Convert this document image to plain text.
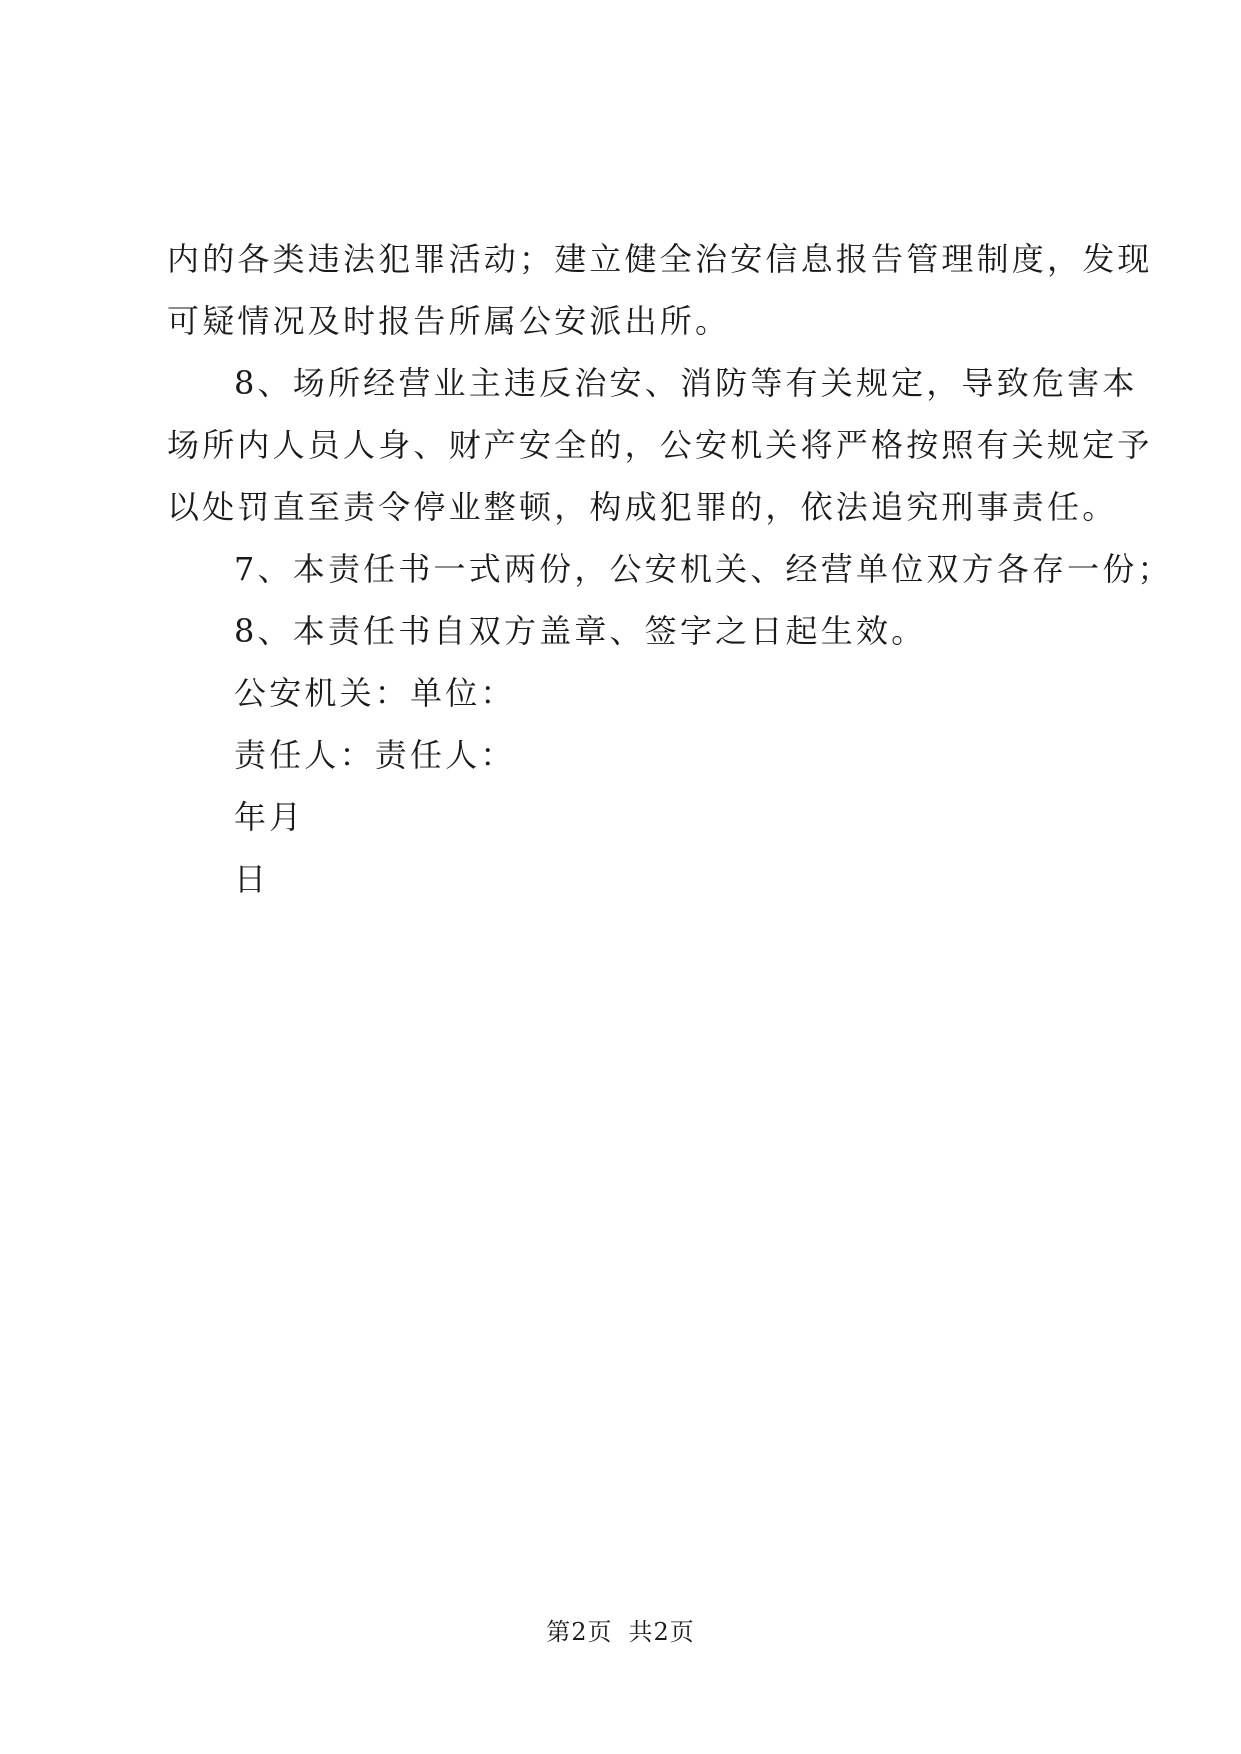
内的各类违法犯罪活动；建立健全治安信息报告管理制度，发现
可疑情况及时报告所属公安派出所。
8、场所经营业主违反治安、消防等有关规定，导致危害本
场所内人员人身、财产安全的，公安机关将严格按照有关规定予
以处罚直至责令停业整顿，构成犯罪的，依法追究刑事责任。
7、本责任书一式两份，公安机关、经营单位双方各存一份；
8、本责任书自双方盖章、签字之日起生效。
公安机关：单位：
责任人：责任人：
年月
日
第2页 共2页
